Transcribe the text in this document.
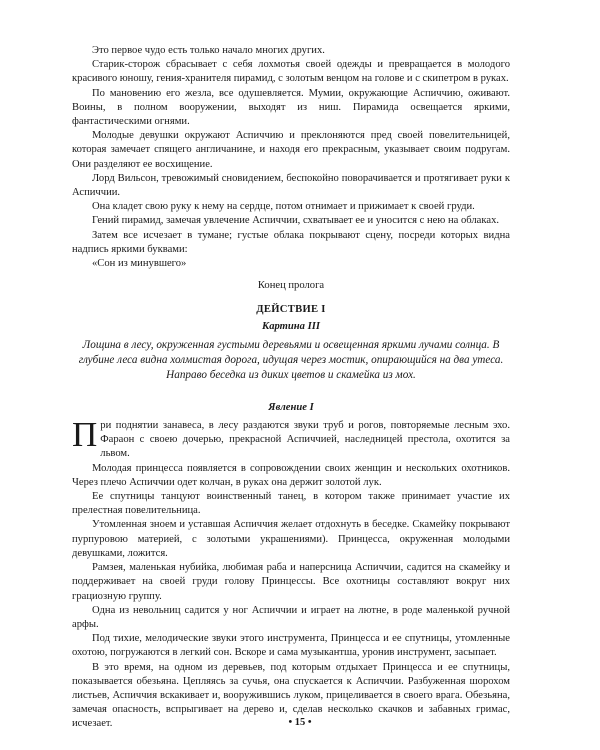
Это первое чудо есть только начало многих других.

Старик-сторож сбрасывает с себя лохмотья своей одежды и превращается в молодого красивого юношу, гения-хранителя пирамид, с золотым венцом на голове и с скипетром в руках.

По мановению его жезла, все одушевляется. Мумии, окружающие Аспиччию, оживают. Воины, в полном вооружении, выходят из ниш. Пирамида освещается яркими, фантастическими огнями.

Молодые девушки окружают Аспиччию и преклоняются пред своей повелительницей, которая замечает спящего англичанине, и находя его прекрасным, указывает своим подругам. Они разделяют ее восхищение.

Лорд Вильсон, тревожимый сновидением, беспокойно поворачивается и протягивает руки к Аспиччии.

Она кладет свою руку к нему на сердце, потом отнимает и прижимает к своей груди.

Гений пирамид, замечая увлечение Аспиччии, схватывает ее и уносится с нею на облаках.

Затем все исчезает в тумане; густые облака покрывают сцену, посреди которых видна надпись яркими буквами:

«Сон из минувшего»

Конец пролога

ДЕЙСТВИЕ I

Картина III

Лощина в лесу, окруженная густыми деревьями и освещенная яркими лучами солнца. В глубине леса видна холмистая дорога, идущая через мостик, опирающийся на два утеса. Направо беседка из диких цветов и скамейка из мох.

Явление I

При поднятии занавеса, в лесу раздаются звуки труб и рогов, повторяемые лесным эхо. Фараон с своею дочерью, прекрасной Аспиччией, наследницей престола, охотится за львом.

Молодая принцесса появляется в сопровождении своих женщин и нескольких охотников. Через плечо Аспиччии одет колчан, в руках она держит золотой лук.

Ее спутницы танцуют воинственный танец, в котором также принимает участие их прелестная повелительница.

Утомленная зноем и уставшая Аспиччия желает отдохнуть в беседке. Скамейку покрывают пурпуровою материей, с золотыми украшениями). Принцесса, окруженная молодыми девушками, ложится.

Рамзея, маленькая нубийка, любимая раба и наперсница Аспиччии, садится на скамейку и поддерживает на своей груди голову Принцессы. Все охотницы составляют вокруг них грациозную группу.

Одна из невольниц садится у ног Аспиччии и играет на лютне, в роде маленькой ручной арфы.

Под тихие, мелодические звуки этого инструмента, Принцесса и ее спутницы, утомленные охотою, погружаются в легкий сон. Вскоре и сама музыкантша, уронив инструмент, засыпает.

В это время, на одном из деревьев, под которым отдыхает Принцесса и ее спутницы, показывается обезьяна. Цепляясь за сучья, она спускается к Аспиччии. Разбуженная шорохом листьев, Аспиччия вскакивает и, вооружившись луком, прицеливается в своего врага. Обезьяна, замечая опасность, вспрыгивает на дерево и, сделав несколько скачков и забавных гримас, исчезает.	• 15 •
